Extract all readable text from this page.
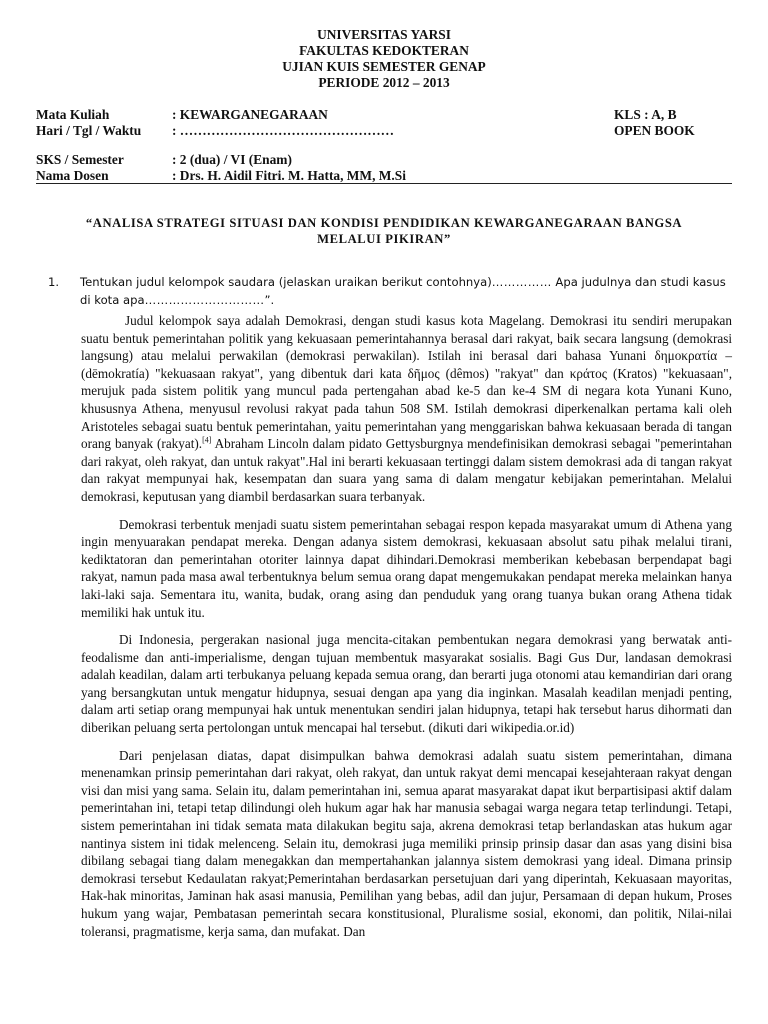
UNIVERSITAS YARSI
FAKULTAS KEDOKTERAN
UJIAN KUIS SEMESTER GENAP
PERIODE 2012 – 2013
Mata Kuliah	: KEWARGANEGARAAN	KLS : A, B
Hari / Tgl / Waktu	: …………………………………………	OPEN BOOK
SKS / Semester	: 2 (dua) / VI (Enam)
Nama Dosen	: Drs. H. Aidil Fitri. M. Hatta, MM, M.Si
“ANALISA STRATEGI SITUASI DAN KONDISI PENDIDIKAN KEWARGANEGARAAN BANGSA MELALUI PIKIRAN”
1.	Tentukan judul kelompok saudara (jelaskan uraikan berikut contohnya)…………… Apa judulnya dan studi kasus di kota apa…………………………”.

Judul kelompok saya adalah Demokrasi, dengan studi kasus kota Magelang. Demokrasi itu sendiri merupakan suatu bentuk pemerintahan politik yang kekuasaan pemerintahannya berasal dari rakyat, baik secara langsung (demokrasi langsung) atau melalui perwakilan (demokrasi perwakilan). Istilah ini berasal dari bahasa Yunani δημοκρατία – (dēmokratía) "kekuasaan rakyat", yang dibentuk dari kata δῆμος (dêmos) "rakyat" dan κράτος (Kratos) "kekuasaan", merujuk pada sistem politik yang muncul pada pertengahan abad ke-5 dan ke-4 SM di negara kota Yunani Kuno, khususnya Athena, menyusul revolusi rakyat pada tahun 508 SM. Istilah demokrasi diperkenalkan pertama kali oleh Aristoteles sebagai suatu bentuk pemerintahan, yaitu pemerintahan yang menggariskan bahwa kekuasaan berada di tangan orang banyak (rakyat).[4] Abraham Lincoln dalam pidato Gettysburgnya mendefinisikan demokrasi sebagai "pemerintahan dari rakyat, oleh rakyat, dan untuk rakyat".Hal ini berarti kekuasaan tertinggi dalam sistem demokrasi ada di tangan rakyat dan rakyat mempunyai hak, kesempatan dan suara yang sama di dalam mengatur kebijakan pemerintahan. Melalui demokrasi, keputusan yang diambil berdasarkan suara terbanyak.

Demokrasi terbentuk menjadi suatu sistem pemerintahan sebagai respon kepada masyarakat umum di Athena yang ingin menyuarakan pendapat mereka. Dengan adanya sistem demokrasi, kekuasaan absolut satu pihak melalui tirani, kediktatoran dan pemerintahan otoriter lainnya dapat dihindari.Demokrasi memberikan kebebasan berpendapat bagi rakyat, namun pada masa awal terbentuknya belum semua orang dapat mengemukakan pendapat mereka melainkan hanya laki-laki saja. Sementara itu, wanita, budak, orang asing dan penduduk yang orang tuanya bukan orang Athena tidak memiliki hak untuk itu.

Di Indonesia, pergerakan nasional juga mencita-citakan pembentukan negara demokrasi yang berwatak anti-feodalisme dan anti-imperialisme, dengan tujuan membentuk masyarakat sosialis. Bagi Gus Dur, landasan demokrasi adalah keadilan, dalam arti terbukanya peluang kepada semua orang, dan berarti juga otonomi atau kemandirian dari orang yang bersangkutan untuk mengatur hidupnya, sesuai dengan apa yang dia inginkan. Masalah keadilan menjadi penting, dalam arti setiap orang mempunyai hak untuk menentukan sendiri jalan hidupnya, tetapi hak tersebut harus dihormati dan diberikan peluang serta pertolongan untuk mencapai hal tersebut. (dikuti dari wikipedia.or.id)

Dari penjelasan diatas, dapat disimpulkan bahwa demokrasi adalah suatu sistem pemerintahan, dimana menenamkan prinsip pemerintahan dari rakyat, oleh rakyat, dan untuk rakyat demi mencapai kesejahteraan rakyat dengan visi dan misi yang sama. Selain itu, dalam pemerintahan ini, semua aparat masyarakat dapat ikut berpartisipasi aktif dalam pemerintahan ini, tetapi tetap dilindungi oleh hukum agar hak har manusia sebagai warga negara tetap terlindungi. Tetapi, sistem pemerintahan ini tidak semata mata dilakukan begitu saja, akrena demokrasi tetap berlandaskan atas hukum agar nantinya sistem ini tidak melenceng. Selain itu, demokrasi juga memiliki prinsip prinsip dasar dan asas yang disini bisa dibilang sebagai tiang dalam menegakkan dan mempertahankan jalannya sistem demokrasi yang ideal. Dimana prinsip demokrasi tersebut Kedaulatan rakyat;Pemerintahan berdasarkan persetujuan dari yang diperintah, Kekuasaan mayoritas, Hak-hak minoritas, Jaminan hak asasi manusia, Pemilihan yang bebas, adil dan jujur, Persamaan di depan hukum, Proses hukum yang wajar, Pembatasan pemerintah secara konstitusional, Pluralisme sosial, ekonomi, dan politik, Nilai-nilai toleransi, pragmatisme, kerja sama, dan mufakat. Dan
